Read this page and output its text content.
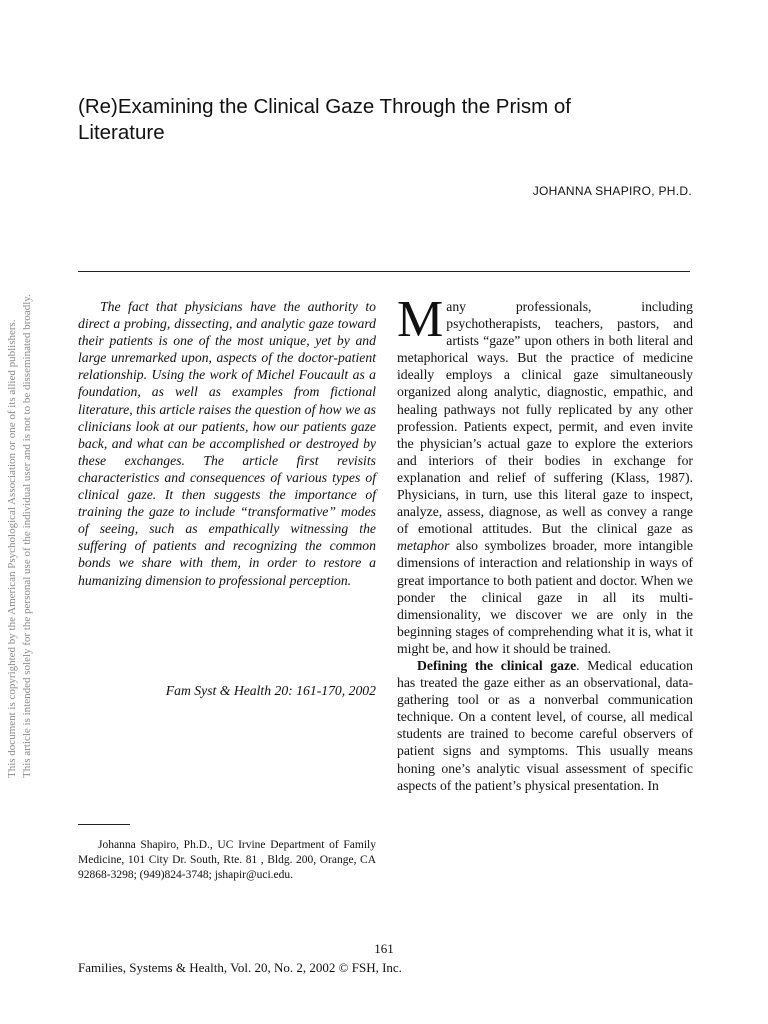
This document is copyrighted by the American Psychological Association or one of its allied publishers. This article is intended solely for the personal use of the individual user and is not to be disseminated broadly.
(Re)Examining the Clinical Gaze Through the Prism of Literature
JOHANNA SHAPIRO, PH.D.

The fact that physicians have the authority to direct a probing, dissecting, and analytic gaze toward their patients is one of the most unique, yet by and large unremarked upon, aspects of the doctor-patient relationship. Using the work of Michel Foucault as a foundation, as well as examples from fictional literature, this article raises the question of how we as clinicians look at our patients, how our patients gaze back, and what can be accomplished or destroyed by these exchanges. The article first revisits characteristics and consequences of various types of clinical gaze. It then suggests the importance of training the gaze to include “transformative” modes of seeing, such as empathically witnessing the suffering of patients and recognizing the common bonds we share with them, in order to restore a humanizing dimension to professional perception.

Fam Syst & Health 20: 161-170, 2002

Johanna Shapiro, Ph.D., UC Irvine Department of Family Medicine, 101 City Dr. South, Rte. 81 , Bldg. 200, Orange, CA 92868-3298; (949)824-3748; jshapir@uci.edu.

Many professionals, including psychotherapists, teachers, pastors, and artists “gaze” upon others in both literal and metaphorical ways. But the practice of medicine ideally employs a clinical gaze simultaneously organized along analytic, diagnostic, empathic, and healing pathways not fully replicated by any other profession. Patients expect, permit, and even invite the physician’s actual gaze to explore the exteriors and interiors of their bodies in exchange for explanation and relief of suffering (Klass, 1987). Physicians, in turn, use this literal gaze to inspect, analyze, assess, diagnose, as well as convey a range of emotional attitudes. But the clinical gaze as metaphor also symbolizes broader, more intangible dimensions of interaction and relationship in ways of great importance to both patient and doctor. When we ponder the clinical gaze in all its multi-dimensionality, we discover we are only in the beginning stages of comprehending what it is, what it might be, and how it should be trained.

Defining the clinical gaze. Medical education has treated the gaze either as an observational, data-gathering tool or as a nonverbal communication technique. On a content level, of course, all medical students are trained to become careful observers of patient signs and symptoms. This usually means honing one’s analytic visual assessment of specific aspects of the patient’s physical presentation. In

161
Families, Systems & Health, Vol. 20, No. 2, 2002 © FSH, Inc.
